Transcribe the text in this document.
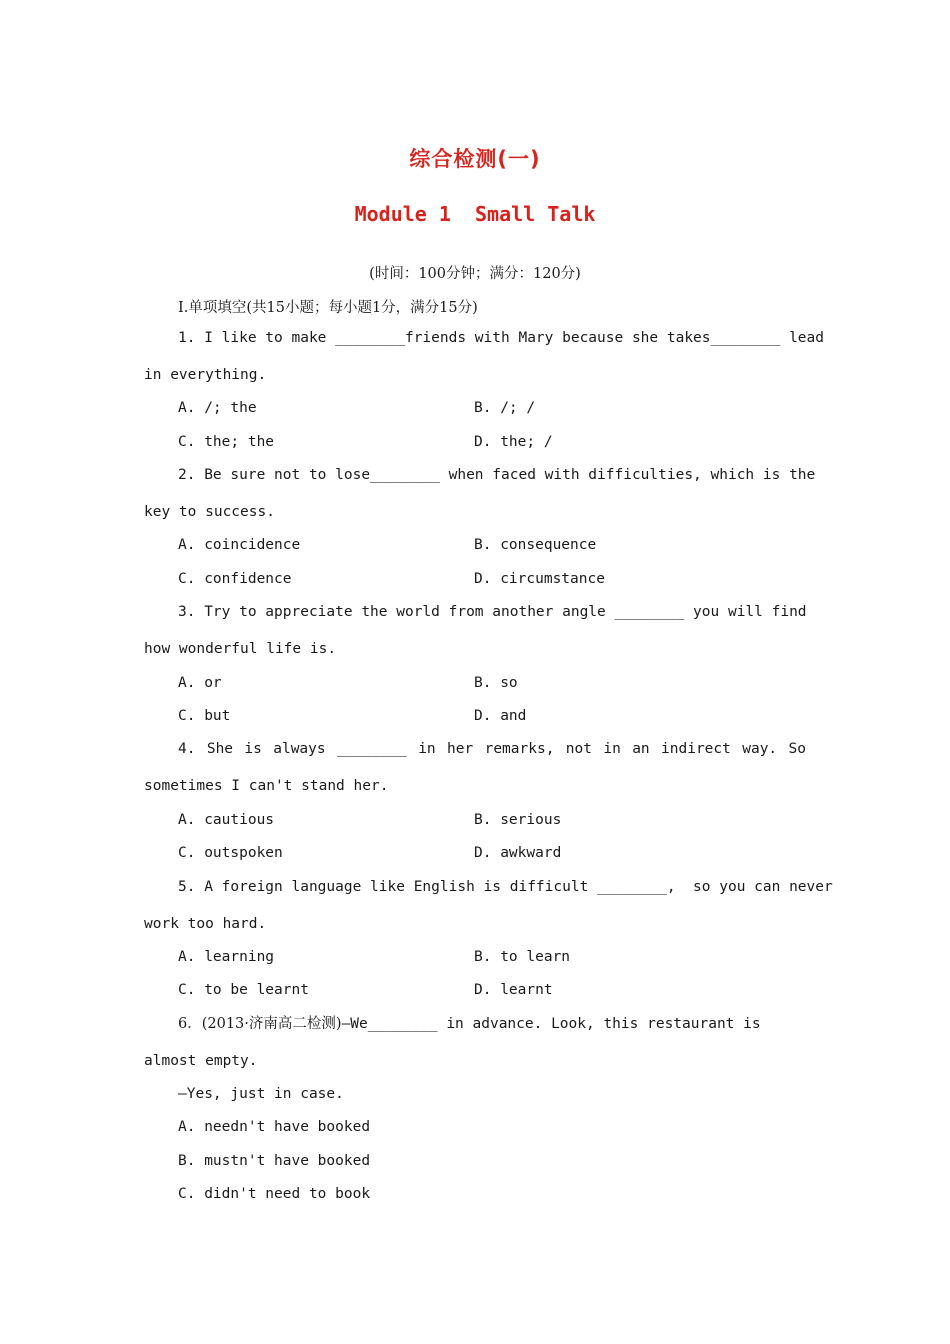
综合检测(一)
Module 1  Small Talk
(时间：100分钟；满分：120分)
Ⅰ.单项填空(共15小题；每小题1分，满分15分)
1. I like to make ________friends with Mary because she takes________ lead
in everything.
A. /; the	B. /; /
C. the; the	D. the; /
2. Be sure not to lose________ when faced with difficulties, which is the
key to success.
A. coincidence	B. consequence
C. confidence	D. circumstance
3. Try to appreciate the world from another angle ________ you will find
how wonderful life is.
A. or	B. so
C. but	D. and
4. She is always ________ in her remarks, not in an indirect way. So
sometimes I can't stand her.
A. cautious	B. serious
C. outspoken	D. awkward
5. A foreign language like English is difficult ________,  so you can never
work too hard.
A. learning	B. to learn
C. to be learnt	D. learnt
6．(2013·济南高二检测)—We________ in advance. Look, this restaurant is
almost empty.
—Yes, just in case.
A. needn't have booked
B. mustn't have booked
C. didn't need to book
